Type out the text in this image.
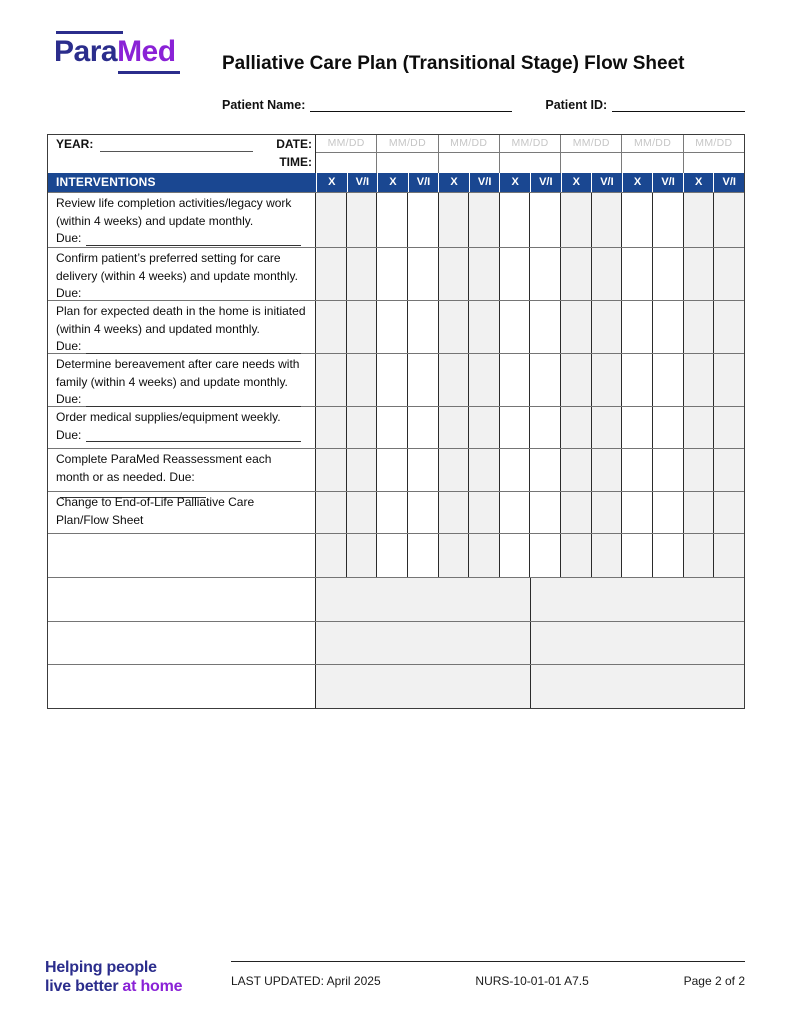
ParaMed	Palliative Care Plan (Transitional Stage) Flow Sheet
Patient Name:	Patient ID:
YEAR:	DATE:
TIME:
MM/DD	MM/DD	MM/DD	MM/DD	MM/DD	MM/DD	MM/DD
INTERVENTIONS	X	V/I	X	V/I	X	V/I	X	V/I	X	V/I	X	V/I	X	V/I
Review life completion activities/legacy work (within 4 weeks) and update monthly.
Due:
Confirm patient’s preferred setting for care delivery (within 4 weeks) and update monthly.
Due:
Plan for expected death in the home is initiated (within 4 weeks) and updated monthly.
Due:
Determine bereavement after care needs with family (within 4 weeks) and update monthly.
Due:
Order medical supplies/equipment weekly.
Due:
Complete ParaMed Reassessment each month or as needed. Due:
Change to End-of-Life Palliative Care Plan/Flow Sheet
Helping people
live better at home	LAST UPDATED: April 2025	NURS-10-01-01 A7.5	Page 2 of 2
